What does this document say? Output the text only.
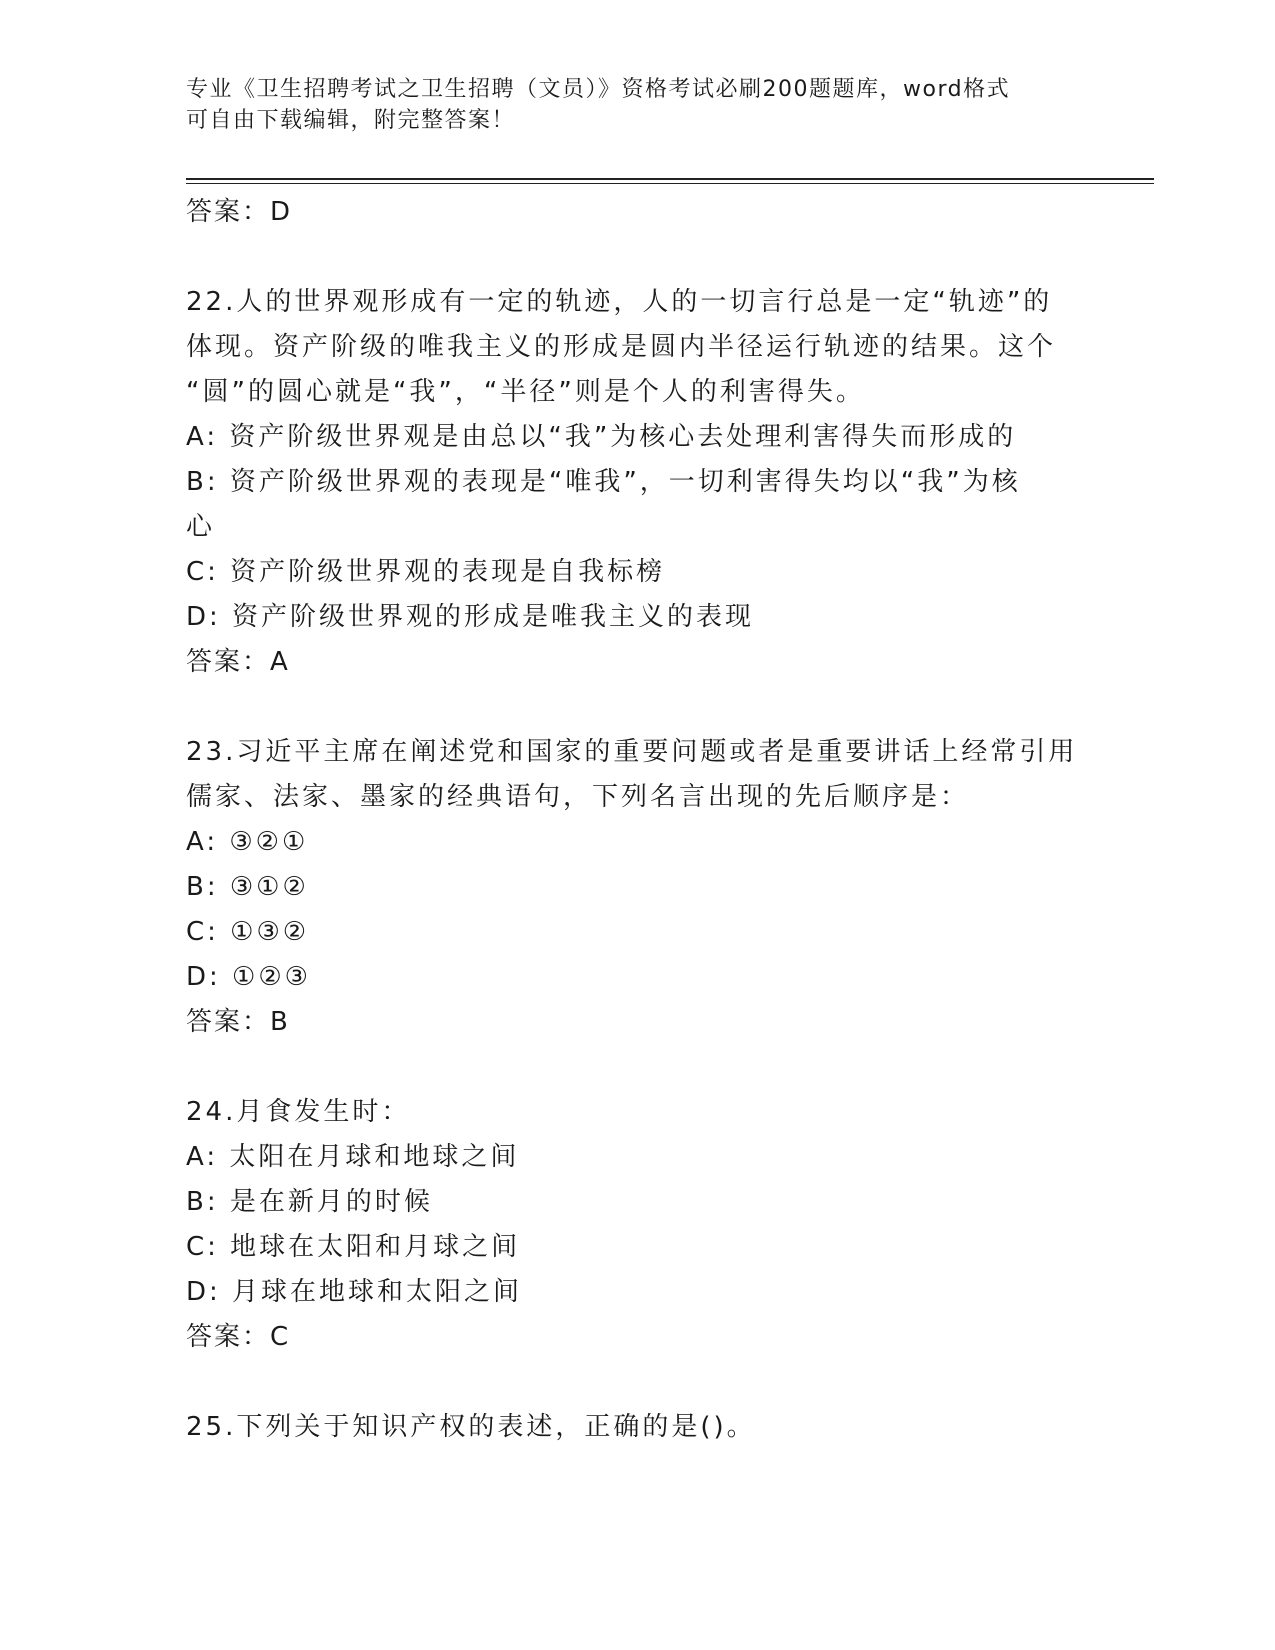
专业《卫生招聘考试之卫生招聘（文员）》资格考试必刷200题题库，word格式
可自由下载编辑，附完整答案！
答案：D
22.人的世界观形成有一定的轨迹，人的一切言行总是一定“轨迹”的
体现。资产阶级的唯我主义的形成是圆内半径运行轨迹的结果。这个
“圆”的圆心就是“我”，“半径”则是个人的利害得失。
A: 资产阶级世界观是由总以“我”为核心去处理利害得失而形成的
B: 资产阶级世界观的表现是“唯我”，一切利害得失均以“我”为核
心
C: 资产阶级世界观的表现是自我标榜
D: 资产阶级世界观的形成是唯我主义的表现
答案：A
23.习近平主席在阐述党和国家的重要问题或者是重要讲话上经常引用
儒家、法家、墨家的经典语句，下列名言出现的先后顺序是：
A: ③②①
B: ③①②
C: ①③②
D: ①②③
答案：B
24.月食发生时：
A: 太阳在月球和地球之间
B: 是在新月的时候
C: 地球在太阳和月球之间
D: 月球在地球和太阳之间
答案：C
25.下列关于知识产权的表述，正确的是()。
